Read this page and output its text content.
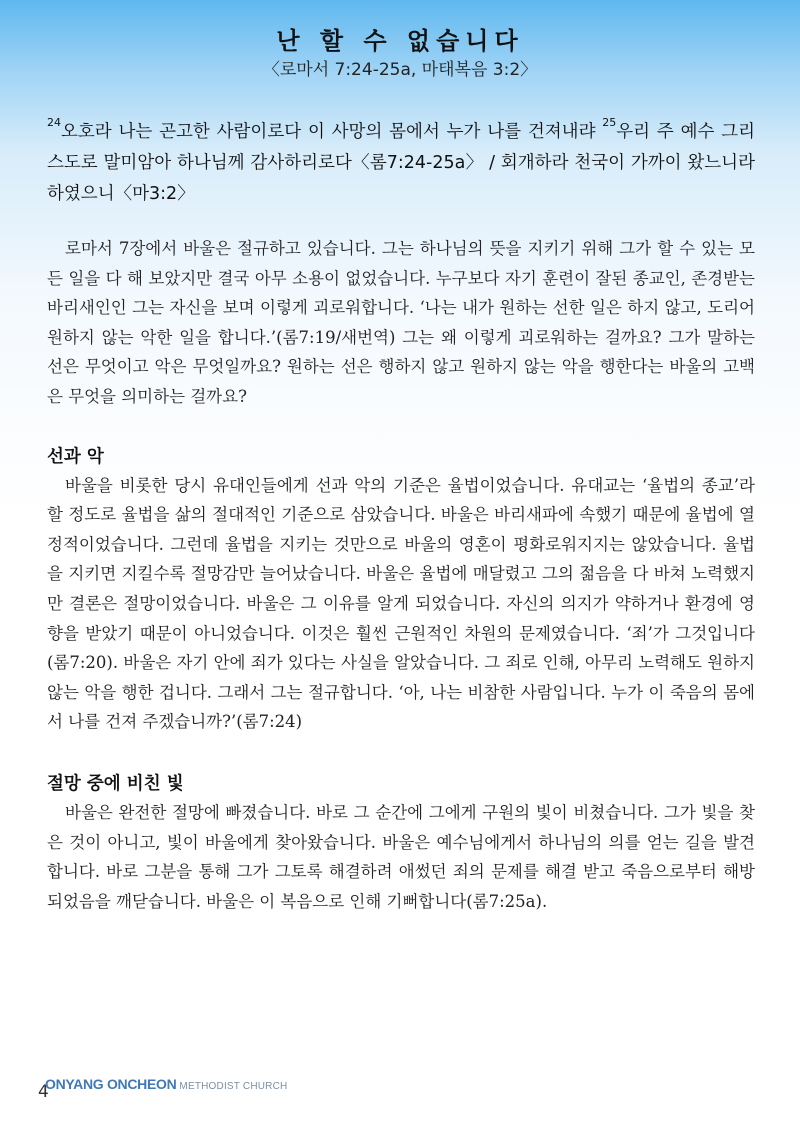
난 할 수 없습니다
〈로마서 7:24-25a, 마태복음 3:2〉
$^{24}$오호라 나는 곤고한 사람이로다 이 사망의 몸에서 누가 나를 건져내랴 $^{25}$우리 주 예수 그리스도로 말미암아 하나님께 감사하리로다〈롬7:24-25a〉 / 회개하라 천국이 가까이 왔느니라 하였으니〈마3:2〉

로마서 7장에서 바울은 절규하고 있습니다. 그는 하나님의 뜻을 지키기 위해 그가 할 수 있는 모든 일을 다 해 보았지만 결국 아무 소용이 없었습니다. 누구보다 자기 훈련이 잘된 종교인, 존경받는 바리새인인 그는 자신을 보며 이렇게 괴로워합니다. ‘나는 내가 원하는 선한 일은 하지 않고, 도리어 원하지 않는 악한 일을 합니다.’(롬7:19/새번역) 그는 왜 이렇게 괴로워하는 걸까요? 그가 말하는 선은 무엇이고 악은 무엇일까요? 원하는 선은 행하지 않고 원하지 않는 악을 행한다는 바울의 고백은 무엇을 의미하는 걸까요?

선과 악

바울을 비롯한 당시 유대인들에게 선과 악의 기준은 율법이었습니다. 유대교는 ‘율법의 종교’라 할 정도로 율법을 삶의 절대적인 기준으로 삼았습니다. 바울은 바리새파에 속했기 때문에 율법에 열정적이었습니다. 그런데 율법을 지키는 것만으로 바울의 영혼이 평화로워지지는 않았습니다. 율법을 지키면 지킬수록 절망감만 늘어났습니다. 바울은 율법에 매달렸고 그의 젊음을 다 바쳐 노력했지만 결론은 절망이었습니다. 바울은 그 이유를 알게 되었습니다. 자신의 의지가 약하거나 환경에 영향을 받았기 때문이 아니었습니다. 이것은 훨씬 근원적인 차원의 문제였습니다. ‘죄’가 그것입니다(롬7:20). 바울은 자기 안에 죄가 있다는 사실을 알았습니다. 그 죄로 인해, 아무리 노력해도 원하지 않는 악을 행한 겁니다. 그래서 그는 절규합니다. ‘아, 나는 비참한 사람입니다. 누가 이 죽음의 몸에서 나를 건져 주겠습니까?’(롬7:24)

절망 중에 비친 빛

바울은 완전한 절망에 빠졌습니다. 바로 그 순간에 그에게 구원의 빛이 비쳤습니다. 그가 빛을 찾은 것이 아니고, 빛이 바울에게 찾아왔습니다. 바울은 예수님에게서 하나님의 의를 얻는 길을 발견합니다. 바로 그분을 통해 그가 그토록 해결하려 애썼던 죄의 문제를 해결 받고 죽음으로부터 해방되었음을 깨닫습니다. 바울은 이 복음으로 인해 기뻐합니다(롬7:25a).

4
ONYANG ONCHEON METHODIST CHURCH
